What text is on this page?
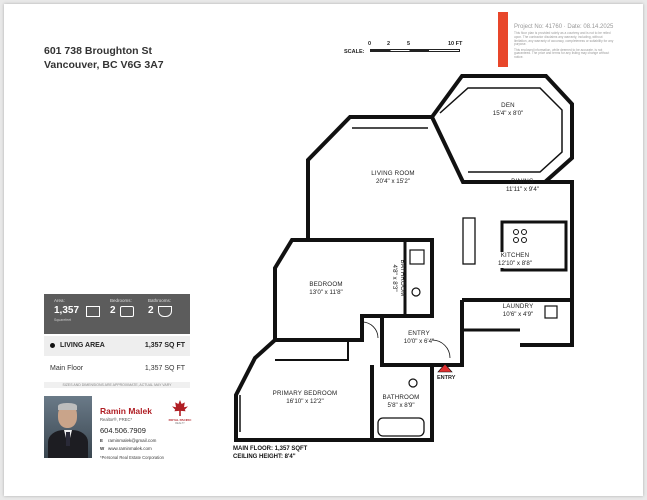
601 738 Broughton St
Vancouver, BC V6G 3A7
RealtyNest	Project No: 41760 · Date: 08.14.2025

This floor plan is provided solely as a courtesy and is not to be relied upon. The contractor disclaims any warranty, including, without limitation, any warranty of accuracy, completeness or suitability for any purpose.

This enclosed information, while deemed to be accurate, is not guaranteed. The price and terms for any listing may change without notice.

SCALE:
0	2	5	10 FT
Area:
1,357
Squarefeet
Bedrooms:
2
Bathrooms:
2
LIVING AREA	1,357 SQ FT
Main Floor	1,357 SQ FT
SIZES AND DIMENSIONS ARE APPROXIMATE, ACTUAL MAY VARY
Ramin Malek
Realtor®, PREC*
604.506.7909
E raminmalek@gmail.com
W www.raminmalek.com
*Personal Real Estate Corporation
ROYAL PACIFIC
REALTY
DEN
15'4" x 8'0"
LIVING ROOM
20'4" x 15'2"	DINING
11'11" x 9'4"
KITCHEN
12'10" x 8'8"
BEDROOM
13'0" x 11'8"	BATHROOM
4'8" x 8'3"
LAUNDRY
10'6" x 4'9"
ENTRY
10'0" x 6'4"
PRIMARY BEDROOM
16'10" x 12'2"
BATHROOM
5'8" x 8'9"
ENTRY
MAIN FLOOR: 1,357 SQFT
CEILING HEIGHT: 8'4"
